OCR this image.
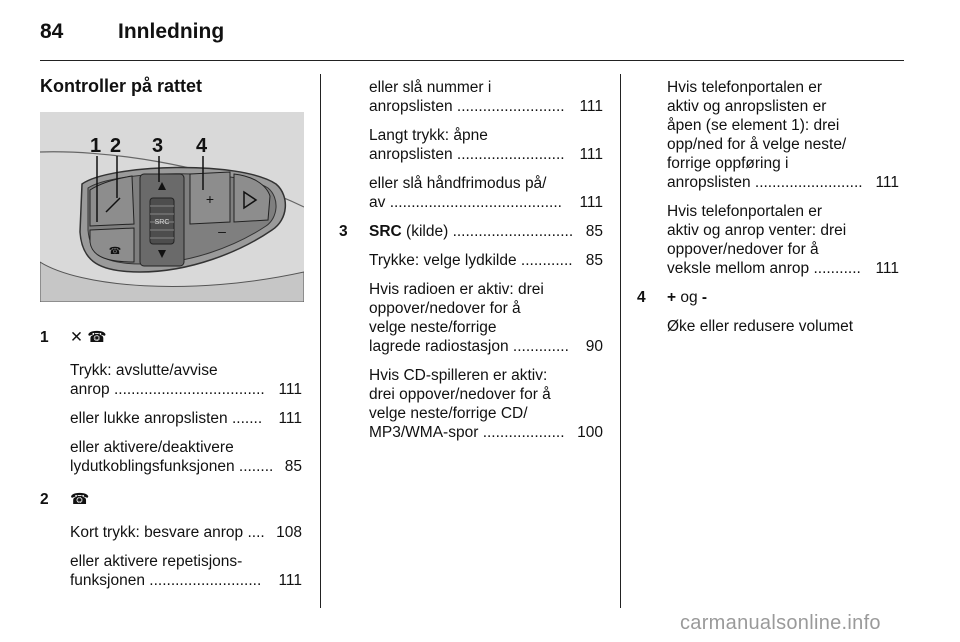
84	Innledning
Kontroller på rattet
+
–
☎
SRC
1 2 3 4
1 ✕ ☎

Trykk: avslutte/avvise

anrop ................................... 111

eller lukke anropslisten ....... 111

eller aktivere/deaktivere

lydutkoblingsfunksjonen ........ 85

2 ☎

Kort trykk: besvare anrop .... 108

eller aktivere repetisjons-

funksjonen .......................... 111

eller slå nummer i

anropslisten ......................... 111

Langt trykk: åpne

anropslisten ......................... 111

eller slå håndfrimodus på/

av ........................................ 111

3 SRC (kilde) ............................ 85

Trykke: velge lydkilde ............ 85

Hvis radioen er aktiv: drei
oppover/nedover for å
velge neste/forrige

lagrede radiostasjon ............. 90

Hvis CD-spilleren er aktiv:
drei oppover/nedover for å
velge neste/forrige CD/

MP3/WMA-spor ................... 100

Hvis telefonportalen er
aktiv og anropslisten er
åpen (se element 1): drei
opp/ned for å velge neste/
forrige oppføring i

anropslisten ......................... 111

Hvis telefonportalen er
aktiv og anrop venter: drei
oppover/nedover for å

veksle mellom anrop ........... 111

4 + og -

Øke eller redusere volumet

carmanualsonline.info
